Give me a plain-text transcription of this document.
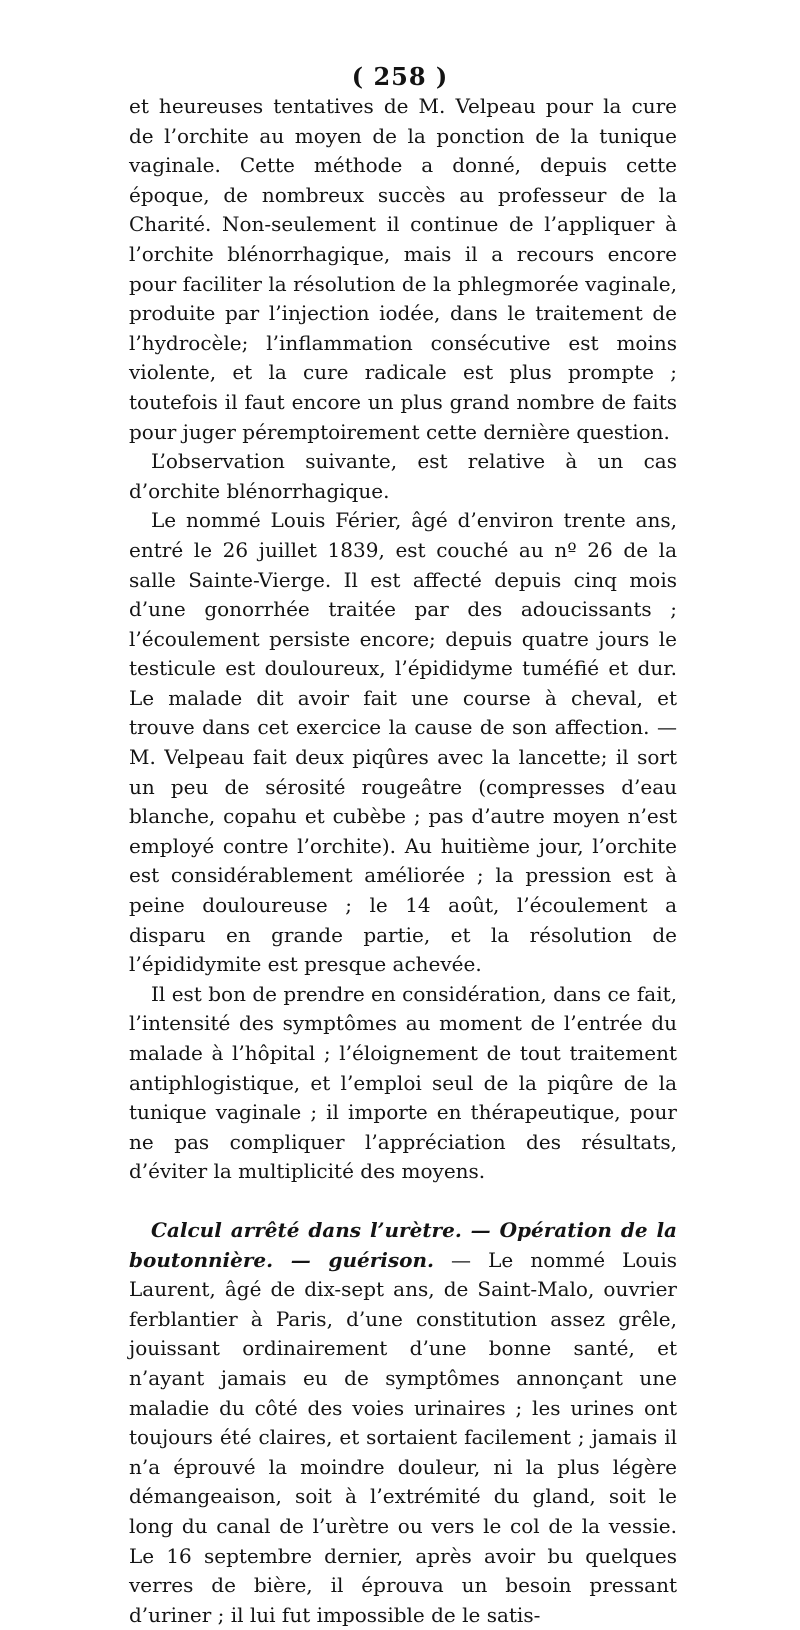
( 258 )

et heureuses tentatives de M. Velpeau pour la cure de l’orchite au moyen de la ponction de la tunique vaginale. Cette méthode a donné, depuis cette époque, de nombreux succès au professeur de la Charité. Non-seulement il continue de l’appliquer à l’orchite blénorrhagique, mais il a recours encore pour faciliter la résolution de la phlegmorée vaginale, produite par l’injection iodée, dans le traitement de l’hydrocèle; l’inflammation consécutive est moins violente, et la cure radicale est plus prompte ; toutefois il faut encore un plus grand nombre de faits pour juger péremptoirement cette dernière question.

L’observation suivante, est relative à un cas d’orchite blénorrhagique.

Le nommé Louis Férier, âgé d’environ trente ans, entré le 26 juillet 1839, est couché au nº 26 de la salle Sainte-Vierge. Il est affecté depuis cinq mois d’une gonorrhée traitée par des adoucissants ; l’écoulement persiste encore; depuis quatre jours le testicule est douloureux, l’épididyme tuméfié et dur. Le malade dit avoir fait une course à cheval, et trouve dans cet exercice la cause de son affection. — M. Velpeau fait deux piqûres avec la lancette; il sort un peu de sérosité rougeâtre (compresses d’eau blanche, copahu et cubèbe ; pas d’autre moyen n’est employé contre l’orchite). Au huitième jour, l’orchite est considérablement améliorée ; la pression est à peine douloureuse ; le 14 août, l’écoulement a disparu en grande partie, et la résolution de l’épididymite est presque achevée.

Il est bon de prendre en considération, dans ce fait, l’intensité des symptômes au moment de l’entrée du malade à l’hôpital ; l’éloignement de tout traitement antiphlogistique, et l’emploi seul de la piqûre de la tunique vaginale ; il importe en thérapeutique, pour ne pas compliquer l’appréciation des résultats, d’éviter la multiplicité des moyens.

Calcul arrêté dans l’urètre. — Opération de la boutonnière. — guérison. — Le nommé Louis Laurent, âgé de dix-sept ans, de Saint-Malo, ouvrier ferblantier à Paris, d’une constitution assez grêle, jouissant ordinairement d’une bonne santé, et n’ayant jamais eu de symptômes annonçant une maladie du côté des voies urinaires ; les urines ont toujours été claires, et sortaient facilement ; jamais il n’a éprouvé la moindre douleur, ni la plus légère démangeaison, soit à l’extrémité du gland, soit le long du canal de l’urètre ou vers le col de la vessie. Le 16 septembre dernier, après avoir bu quelques verres de bière, il éprouva un besoin pressant d’uriner ; il lui fut impossible de le satis-
